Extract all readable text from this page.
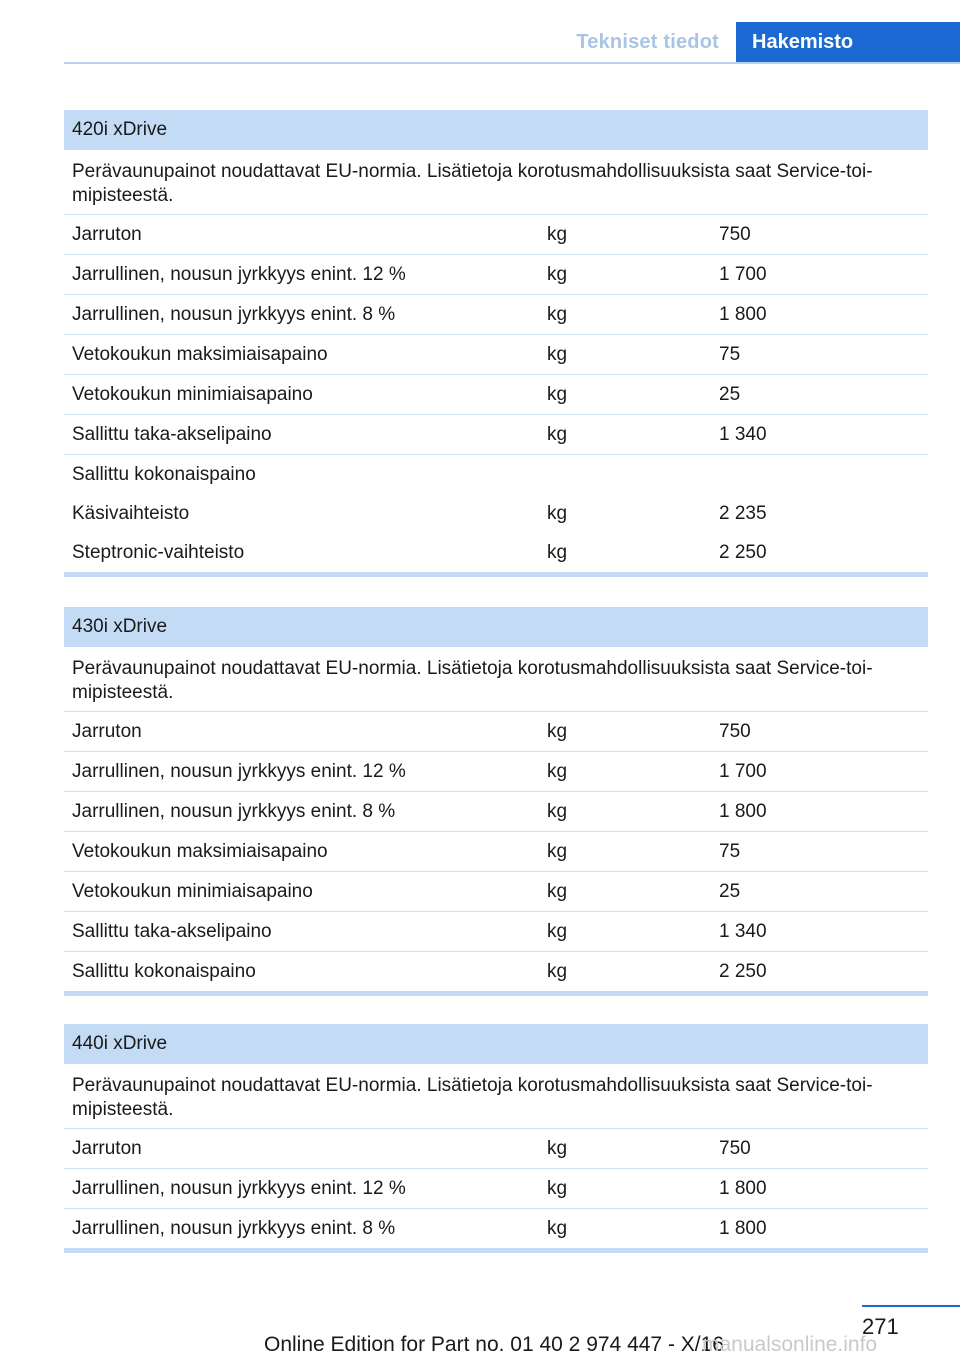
Tekniset tiedot	Hakemisto
420i xDrive
Perävaunupainot noudattavat EU-normia. Lisätietoja korotusmahdollisuuksista saat Service-toi-mipisteestä.
Jarruton	kg	750
Jarrullinen, nousun jyrkkyys enint. 12 %	kg	1 700
Jarrullinen, nousun jyrkkyys enint. 8 %	kg	1 800
Vetokoukun maksimiaisapaino	kg	75
Vetokoukun minimiaisapaino	kg	25
Sallittu taka-akselipaino	kg	1 340
Sallittu kokonaispaino
Käsivaihteisto	kg	2 235
Steptronic-vaihteisto	kg	2 250
430i xDrive
Perävaunupainot noudattavat EU-normia. Lisätietoja korotusmahdollisuuksista saat Service-toi-mipisteestä.
Jarruton	kg	750
Jarrullinen, nousun jyrkkyys enint. 12 %	kg	1 700
Jarrullinen, nousun jyrkkyys enint. 8 %	kg	1 800
Vetokoukun maksimiaisapaino	kg	75
Vetokoukun minimiaisapaino	kg	25
Sallittu taka-akselipaino	kg	1 340
Sallittu kokonaispaino	kg	2 250
440i xDrive
Perävaunupainot noudattavat EU-normia. Lisätietoja korotusmahdollisuuksista saat Service-toi-mipisteestä.
Jarruton	kg	750
Jarrullinen, nousun jyrkkyys enint. 12 %	kg	1 800
Jarrullinen, nousun jyrkkyys enint. 8 %	kg	1 800
271
Online Edition for Part no. 01 40 2 974 447 - X/16
manualsonline.info
